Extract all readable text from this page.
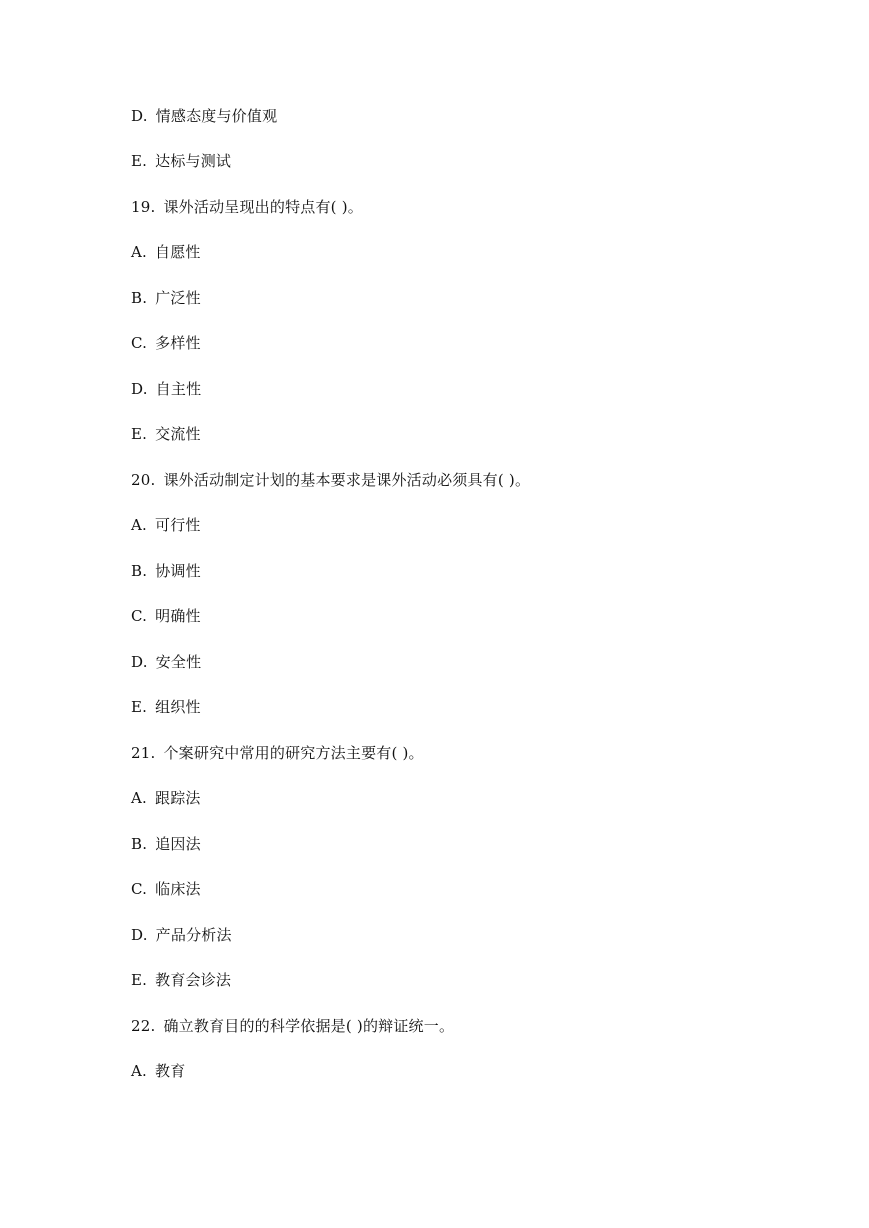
D. 情感态度与价值观
E. 达标与测试
19. 课外活动呈现出的特点有( )。
A. 自愿性
B. 广泛性
C. 多样性
D. 自主性
E. 交流性
20. 课外活动制定计划的基本要求是课外活动必须具有( )。
A. 可行性
B. 协调性
C. 明确性
D. 安全性
E. 组织性
21. 个案研究中常用的研究方法主要有( )。
A. 跟踪法
B. 追因法
C. 临床法
D. 产品分析法
E. 教育会诊法
22. 确立教育目的的科学依据是( )的辩证统一。
A. 教育
